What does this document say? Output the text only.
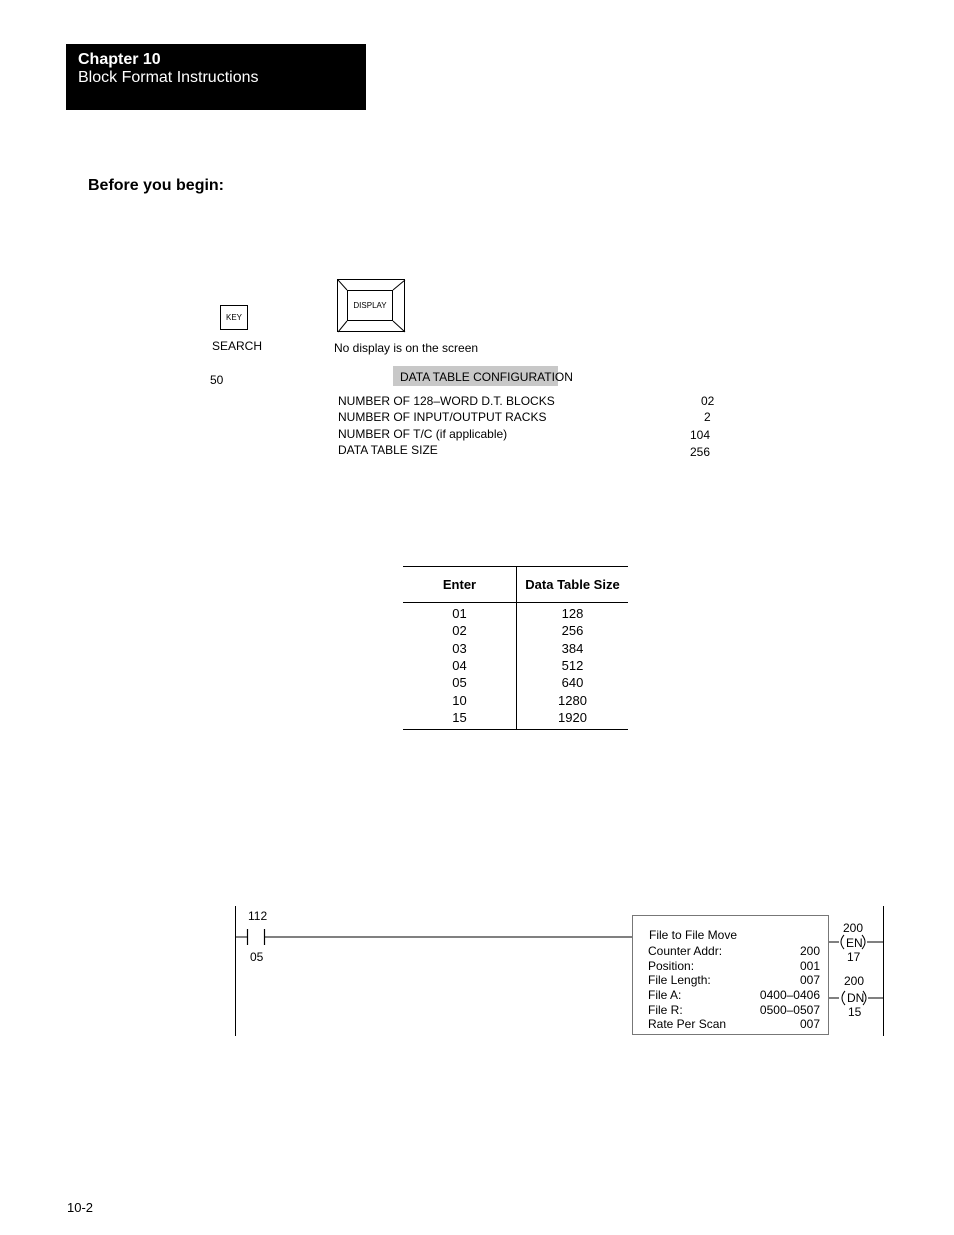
Chapter 10
Block Format Instructions
Before you begin:
KEY
SEARCH
50
DISPLAY
No display is on the screen
DATA TABLE CONFIGURATION
NUMBER OF 128–WORD D.T. BLOCKS	02
NUMBER OF INPUT/OUTPUT RACKS	2
NUMBER OF T/C (if applicable)	104
DATA TABLE SIZE	256
Enter	Data Table Size
01	128
02	256
03	384
04	512
05	640
10	1280
15	1920
112
05
File to File Move
Counter Addr:	200
Position:	001
File Length:	007
File A:	0400–0406
File R:	0500–0507
Rate Per Scan	007
200
EN
17
200
DN
15
10-2
